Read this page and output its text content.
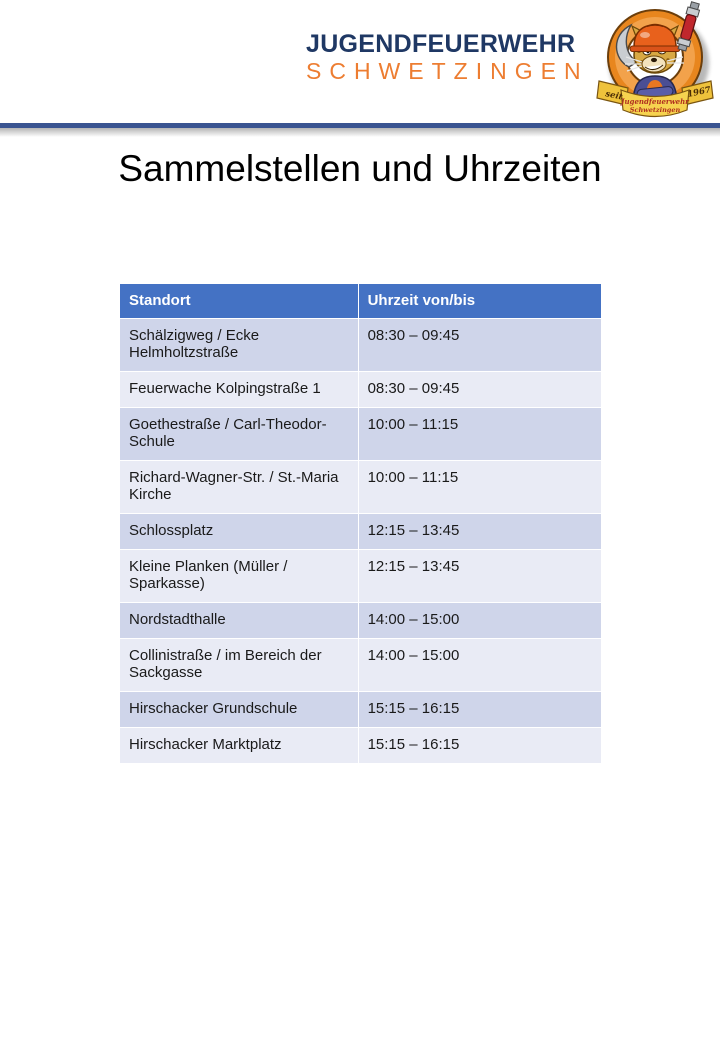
JUGENDFEUERWEHR
SCHWETZINGEN
seit	1967
Jugendfeuerwehr
Schwetzingen
Sammelstellen und Uhrzeiten
Standort	Uhrzeit von/bis
Schälzigweg / Ecke Helmholtzstraße	08:30 – 09:45
Feuerwache Kolpingstraße 1	08:30 – 09:45
Goethestraße / Carl-Theodor-Schule	10:00 – 11:15
Richard-Wagner-Str. / St.-Maria Kirche	10:00 – 11:15
Schlossplatz	12:15 – 13:45
Kleine Planken (Müller / Sparkasse)	12:15 – 13:45
Nordstadthalle	14:00 – 15:00
Collinistraße / im Bereich der Sackgasse	14:00 – 15:00
Hirschacker Grundschule	15:15 – 16:15
Hirschacker Marktplatz	15:15 – 16:15
